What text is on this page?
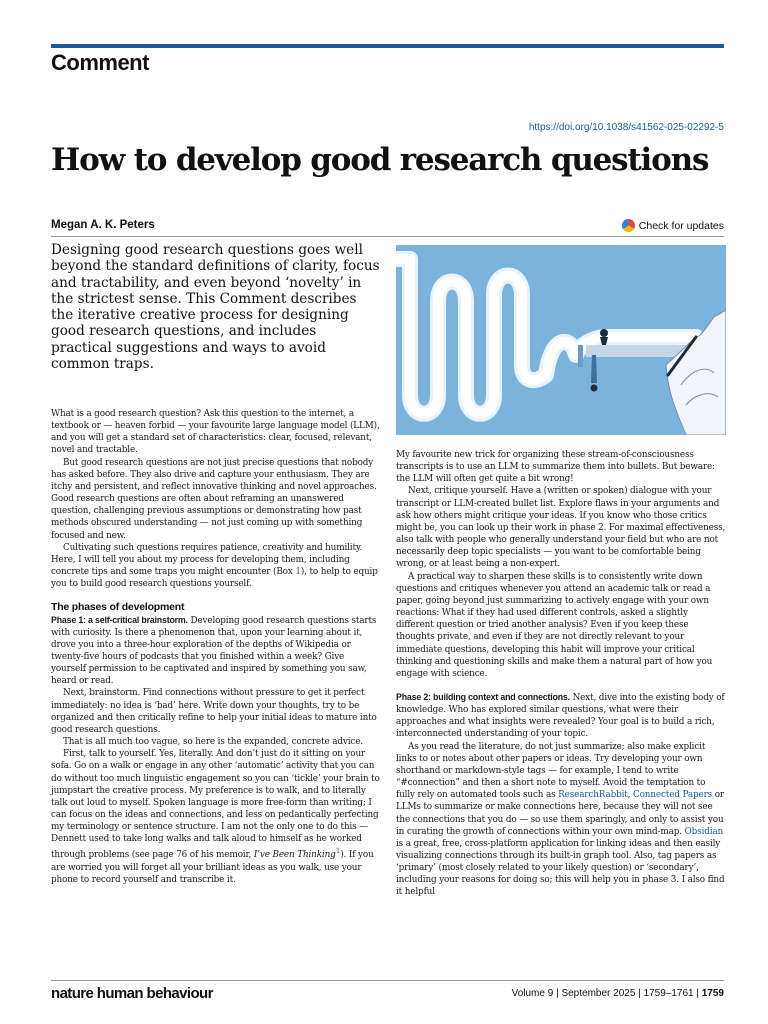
Comment
https://doi.org/10.1038/s41562-025-02292-5
How to develop good research questions
Megan A. K. Peters	Check for updates

Designing good research questions goes well beyond the standard definitions of clarity, focus and tractability, and even beyond ‘novelty’ in the strictest sense. This Comment describes the iterative creative process for designing good research questions, and includes practical suggestions and ways to avoid common traps.

What is a good research question? Ask this question to the internet, a textbook or — heaven forbid — your favourite large language model (LLM), and you will get a standard set of characteristics: clear, focused, relevant, novel and tractable.

But good research questions are not just precise questions that nobody has asked before. They also drive and capture your enthusiasm. They are itchy and persistent, and reflect innovative thinking and novel approaches. Good research questions are often about reframing an unanswered question, challenging previous assumptions or demonstrating how past methods obscured understanding — not just coming up with something focused and new.

Cultivating such questions requires patience, creativity and humility. Here, I will tell you about my process for developing them, including concrete tips and some traps you might encounter (Box 1), to help to equip you to build good research questions yourself.

The phases of development

Phase 1: a self-critical brainstorm. Developing good research questions starts with curiosity. Is there a phenomenon that, upon your learning about it, drove you into a three-hour exploration of the depths of Wikipedia or twenty-five hours of podcasts that you finished within a week? Give yourself permission to be captivated and inspired by something you saw, heard or read.

Next, brainstorm. Find connections without pressure to get it perfect immediately: no idea is ‘bad’ here. Write down your thoughts, try to be organized and then critically refine to help your initial ideas to mature into good research questions.

That is all much too vague, so here is the expanded, concrete advice.

First, talk to yourself. Yes, literally. And don’t just do it sitting on your sofa. Go on a walk or engage in any other ‘automatic’ activity that you can do without too much linguistic engagement so you can ‘tickle’ your brain to jumpstart the creative process. My preference is to walk, and to literally talk out loud to myself. Spoken language is more free-form than writing; I can focus on the ideas and connections, and less on pedantically perfecting my terminology or sentence structure. I am not the only one to do this — Dennett used to take long walks and talk aloud to himself as he worked through problems (see page 76 of his memoir, I’ve Been Thinking$^1$). If you are worried you will forget all your brilliant ideas as you walk, use your phone to record yourself and transcribe it.

My favourite new trick for organizing these stream-of-consciousness transcripts is to use an LLM to summarize them into bullets. But beware: the LLM will often get quite a bit wrong!

Next, critique yourself. Have a (written or spoken) dialogue with your transcript or LLM-created bullet list. Explore flaws in your arguments and ask how others might critique your ideas. If you know who those critics might be, you can look up their work in phase 2. For maximal effectiveness, also talk with people who generally understand your field but who are not necessarily deep topic specialists — you want to be comfortable being wrong, or at least being a non-expert.

A practical way to sharpen these skills is to consistently write down questions and critiques whenever you attend an academic talk or read a paper, going beyond just summarizing to actively engage with your own reactions: What if they had used different controls, asked a slightly different question or tried another analysis? Even if you keep these thoughts private, and even if they are not directly relevant to your immediate questions, developing this habit will improve your critical thinking and questioning skills and make them a natural part of how you engage with science.

Phase 2: building context and connections. Next, dive into the existing body of knowledge. Who has explored similar questions, what were their approaches and what insights were revealed? Your goal is to build a rich, interconnected understanding of your topic.

As you read the literature, do not just summarize; also make explicit links to or notes about other papers or ideas. Try developing your own shorthand or markdown-style tags — for example, I tend to write “#connection” and then a short note to myself. Avoid the temptation to fully rely on automated tools such as ResearchRabbit, Connected Papers or LLMs to summarize or make connections here, because they will not see the connections that you do — so use them sparingly, and only to assist you in curating the growth of connections within your own mind-map. Obsidian is a great, free, cross-platform application for linking ideas and then easily visualizing connections through its built-in graph tool. Also, tag papers as ‘primary’ (most closely related to your likely question) or ‘secondary’, including your reasons for doing so; this will help you in phase 3. I also find it helpful

nature human behaviour	Volume 9 | September 2025 | 1759–1761 | 1759
